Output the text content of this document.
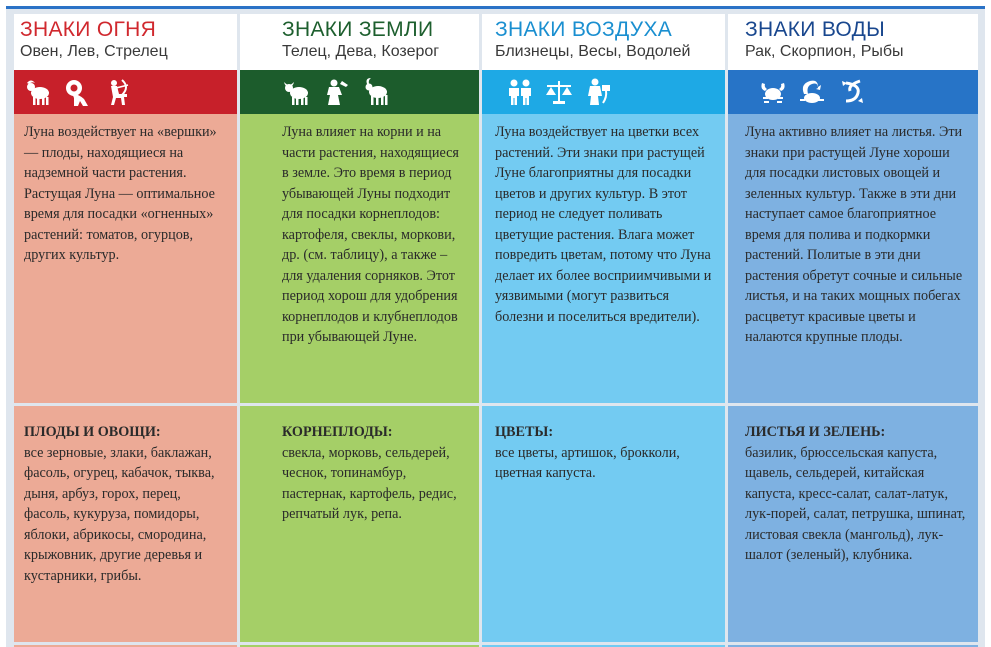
ЗНАКИ ОГНЯ
Овен, Лев, Стрелец
Луна воздействует на «вершки» — плоды, находящиеся на надземной части растения. Растущая Луна — оптимальное время для посадки «огненных» растений: томатов, огурцов, других культур.
ПЛОДЫ И ОВОЩИ:
все зерновые, злаки, баклажан, фасоль, огурец, кабачок, тыква, дыня, арбуз, горох, перец, фасоль, кукуруза, помидоры, яблоки, абрикосы, смородина, крыжовник, другие деревья и кустарники, грибы.
ЗНАКИ ЗЕМЛИ
Телец, Дева, Козерог
Луна влияет на корни и на части растения, находящиеся в земле. Это время в период убывающей Луны подходит для посадки корнеплодов: картофеля, свеклы, моркови, др. (см. таблицу), а также – для удаления сорняков. Этот период хорош для удобрения корнеплодов и клубнеплодов при убывающей Луне.
КОРНЕПЛОДЫ:
свекла, морковь, сельдерей, чеснок, топинамбур, пастернак, картофель, редис, репчатый лук, репа.
ЗНАКИ ВОЗДУХА
Близнецы, Весы, Водолей
Луна воздействует на цветки всех растений. Эти знаки при растущей Луне благоприятны для посадки цветов и других культур. В этот период не следует поливать цветущие растения. Влага может повредить цветам, потому что Луна делает их более восприимчивыми и уязвимыми (могут развиться болезни и поселиться вредители).
ЦВЕТЫ:
все цветы, артишок, брокколи, цветная капуста.
ЗНАКИ ВОДЫ
Рак, Скорпион, Рыбы
Луна активно влияет на листья. Эти знаки при растущей Луне хороши для посадки листовых овощей и зеленных культур. Также в эти дни наступает самое благоприятное время для полива и подкормки растений. Политые в эти дни растения обретут сочные и сильные листья, и на таких мощных побегах расцветут красивые цветы и налаются крупные плоды.
ЛИСТЬЯ И ЗЕЛЕНЬ:
базилик, брюссельская капуста, щавель, сельдерей, китайская капуста, кресс-салат, салат-латук, лук-порей, салат, петрушка, шпинат, листовая свекла (мангольд), лук-шалот (зеленый), клубника.
